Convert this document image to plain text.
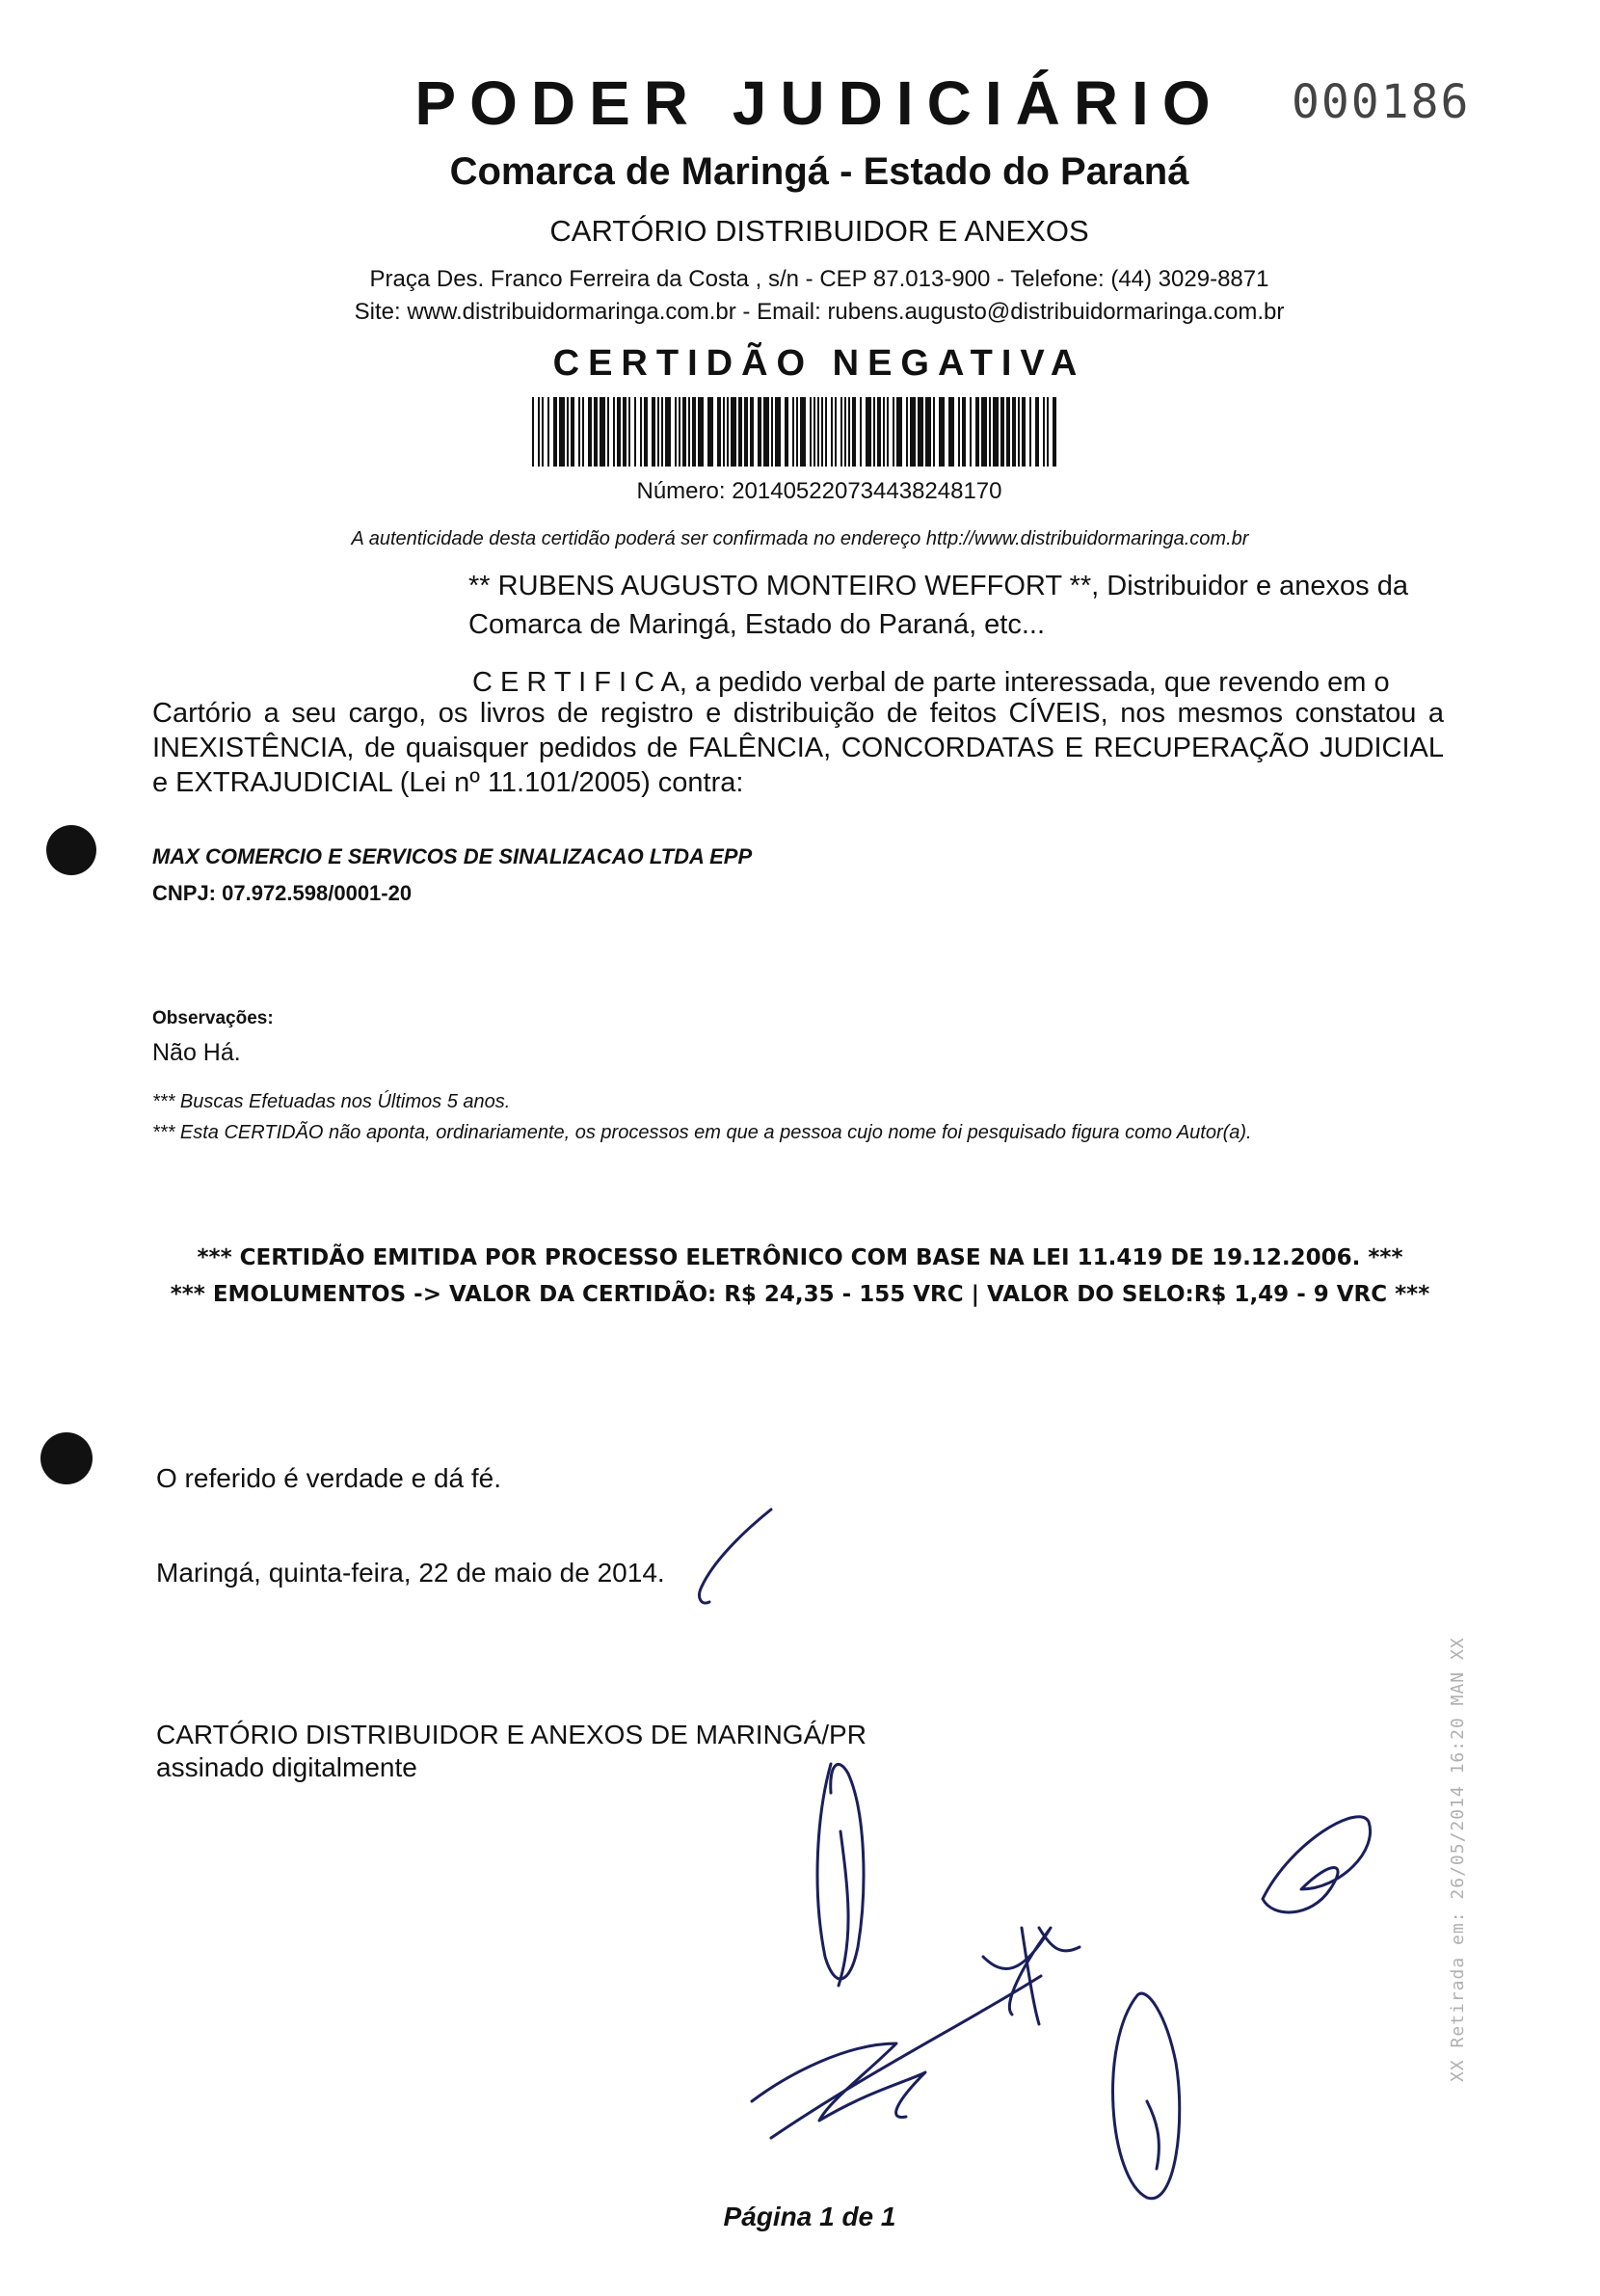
PODER JUDICIÁRIO	000186
Comarca de Maringá - Estado do Paraná
CARTÓRIO DISTRIBUIDOR E ANEXOS
Praça Des. Franco Ferreira da Costa , s/n - CEP 87.013-900 - Telefone: (44) 3029-8871
Site: www.distribuidormaringa.com.br - Email: rubens.augusto@distribuidormaringa.com.br
CERTIDÃO NEGATIVA
Número: 2014052207344382481​70
A autenticidade desta certidão poderá ser confirmada no endereço http://www.distribuidormaringa.com.br
** RUBENS AUGUSTO MONTEIRO WEFFORT **, Distribuidor e anexos da Comarca de Maringá, Estado do Paraná, etc...
C E R T I F I C A, a pedido verbal de parte interessada, que revendo em o
Cartório a seu cargo, os livros de registro e distribuição de feitos CÍVEIS, nos mesmos constatou a INEXISTÊNCIA, de quaisquer pedidos de FALÊNCIA, CONCORDATAS E RECUPERAÇÃO JUDICIAL e EXTRAJUDICIAL (Lei nº 11.101/2005) contra:
MAX COMERCIO E SERVICOS DE SINALIZACAO LTDA EPP
CNPJ: 07.972.598/0001-20
Observações:
Não Há.
*** Buscas Efetuadas nos Últimos 5 anos.
*** Esta CERTIDÃO não aponta, ordinariamente, os processos em que a pessoa cujo nome foi pesquisado figura como Autor(a).
*** CERTIDÃO EMITIDA POR PROCESSO ELETRÔNICO COM BASE NA LEI 11.419 DE 19.12.2006. ***
*** EMOLUMENTOS -> VALOR DA CERTIDÃO: R$ 24,35 - 155 VRC | VALOR DO SELO:R$ 1,49 - 9 VRC ***
O referido é verdade e dá fé.
Maringá, quinta-feira, 22 de maio de 2014.
CARTÓRIO DISTRIBUIDOR E ANEXOS DE MARINGÁ/PR
assinado digitalmente	XX Retirada em: 26/05/2014 16:20 MAN XX
Página 1 de 1
